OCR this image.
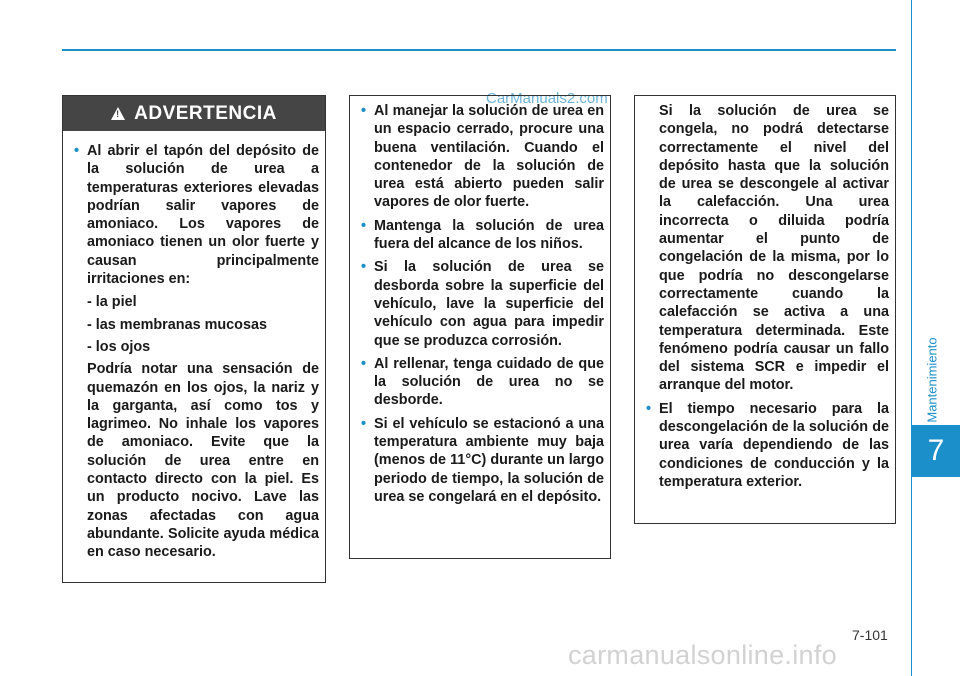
Mantenimiento
7
CarManuals2.com
!
ADVERTENCIA
• Al abrir el tapón del depósito de la solución de urea a temperaturas exteriores elevadas podrían salir vapores de amoniaco. Los vapores de amoniaco tienen un olor fuerte y causan principalmente irritaciones en:
- la piel
- las membranas mucosas
- los ojos
Podría notar una sensación de quemazón en los ojos, la nariz y la garganta, así como tos y lagrimeo. No inhale los vapores de amoniaco. Evite que la solución de urea entre en contacto directo con la piel. Es un producto nocivo. Lave las zonas afectadas con agua abundante. Solicite ayuda médica en caso necesario.
• Al manejar la solución de urea en un espacio cerrado, procure una buena ventilación. Cuando el contenedor de la solución de urea está abierto pueden salir vapores de olor fuerte.
• Mantenga la solución de urea fuera del alcance de los niños.
• Si la solución de urea se desborda sobre la superficie del vehículo, lave la superficie del vehículo con agua para impedir que se produzca corrosión.
• Al rellenar, tenga cuidado de que la solución de urea no se desborde.
• Si el vehículo se estacionó a una temperatura ambiente muy baja (menos de 11°C) durante un largo periodo de tiempo, la solución de urea se congelará en el depósito.
Si la solución de urea se congela, no podrá detectarse correctamente el nivel del depósito hasta que la solución de urea se descongele al activar la calefacción. Una urea incorrecta o diluida podría aumentar el punto de congelación de la misma, por lo que podría no descongelarse correctamente cuando la calefacción se activa a una temperatura determinada. Este fenómeno podría causar un fallo del sistema SCR e impedir el arranque del motor.
• El tiempo necesario para la descongelación de la solución de urea varía dependiendo de las condiciones de conducción y la temperatura exterior.
7-101
carmanualsonline.info
